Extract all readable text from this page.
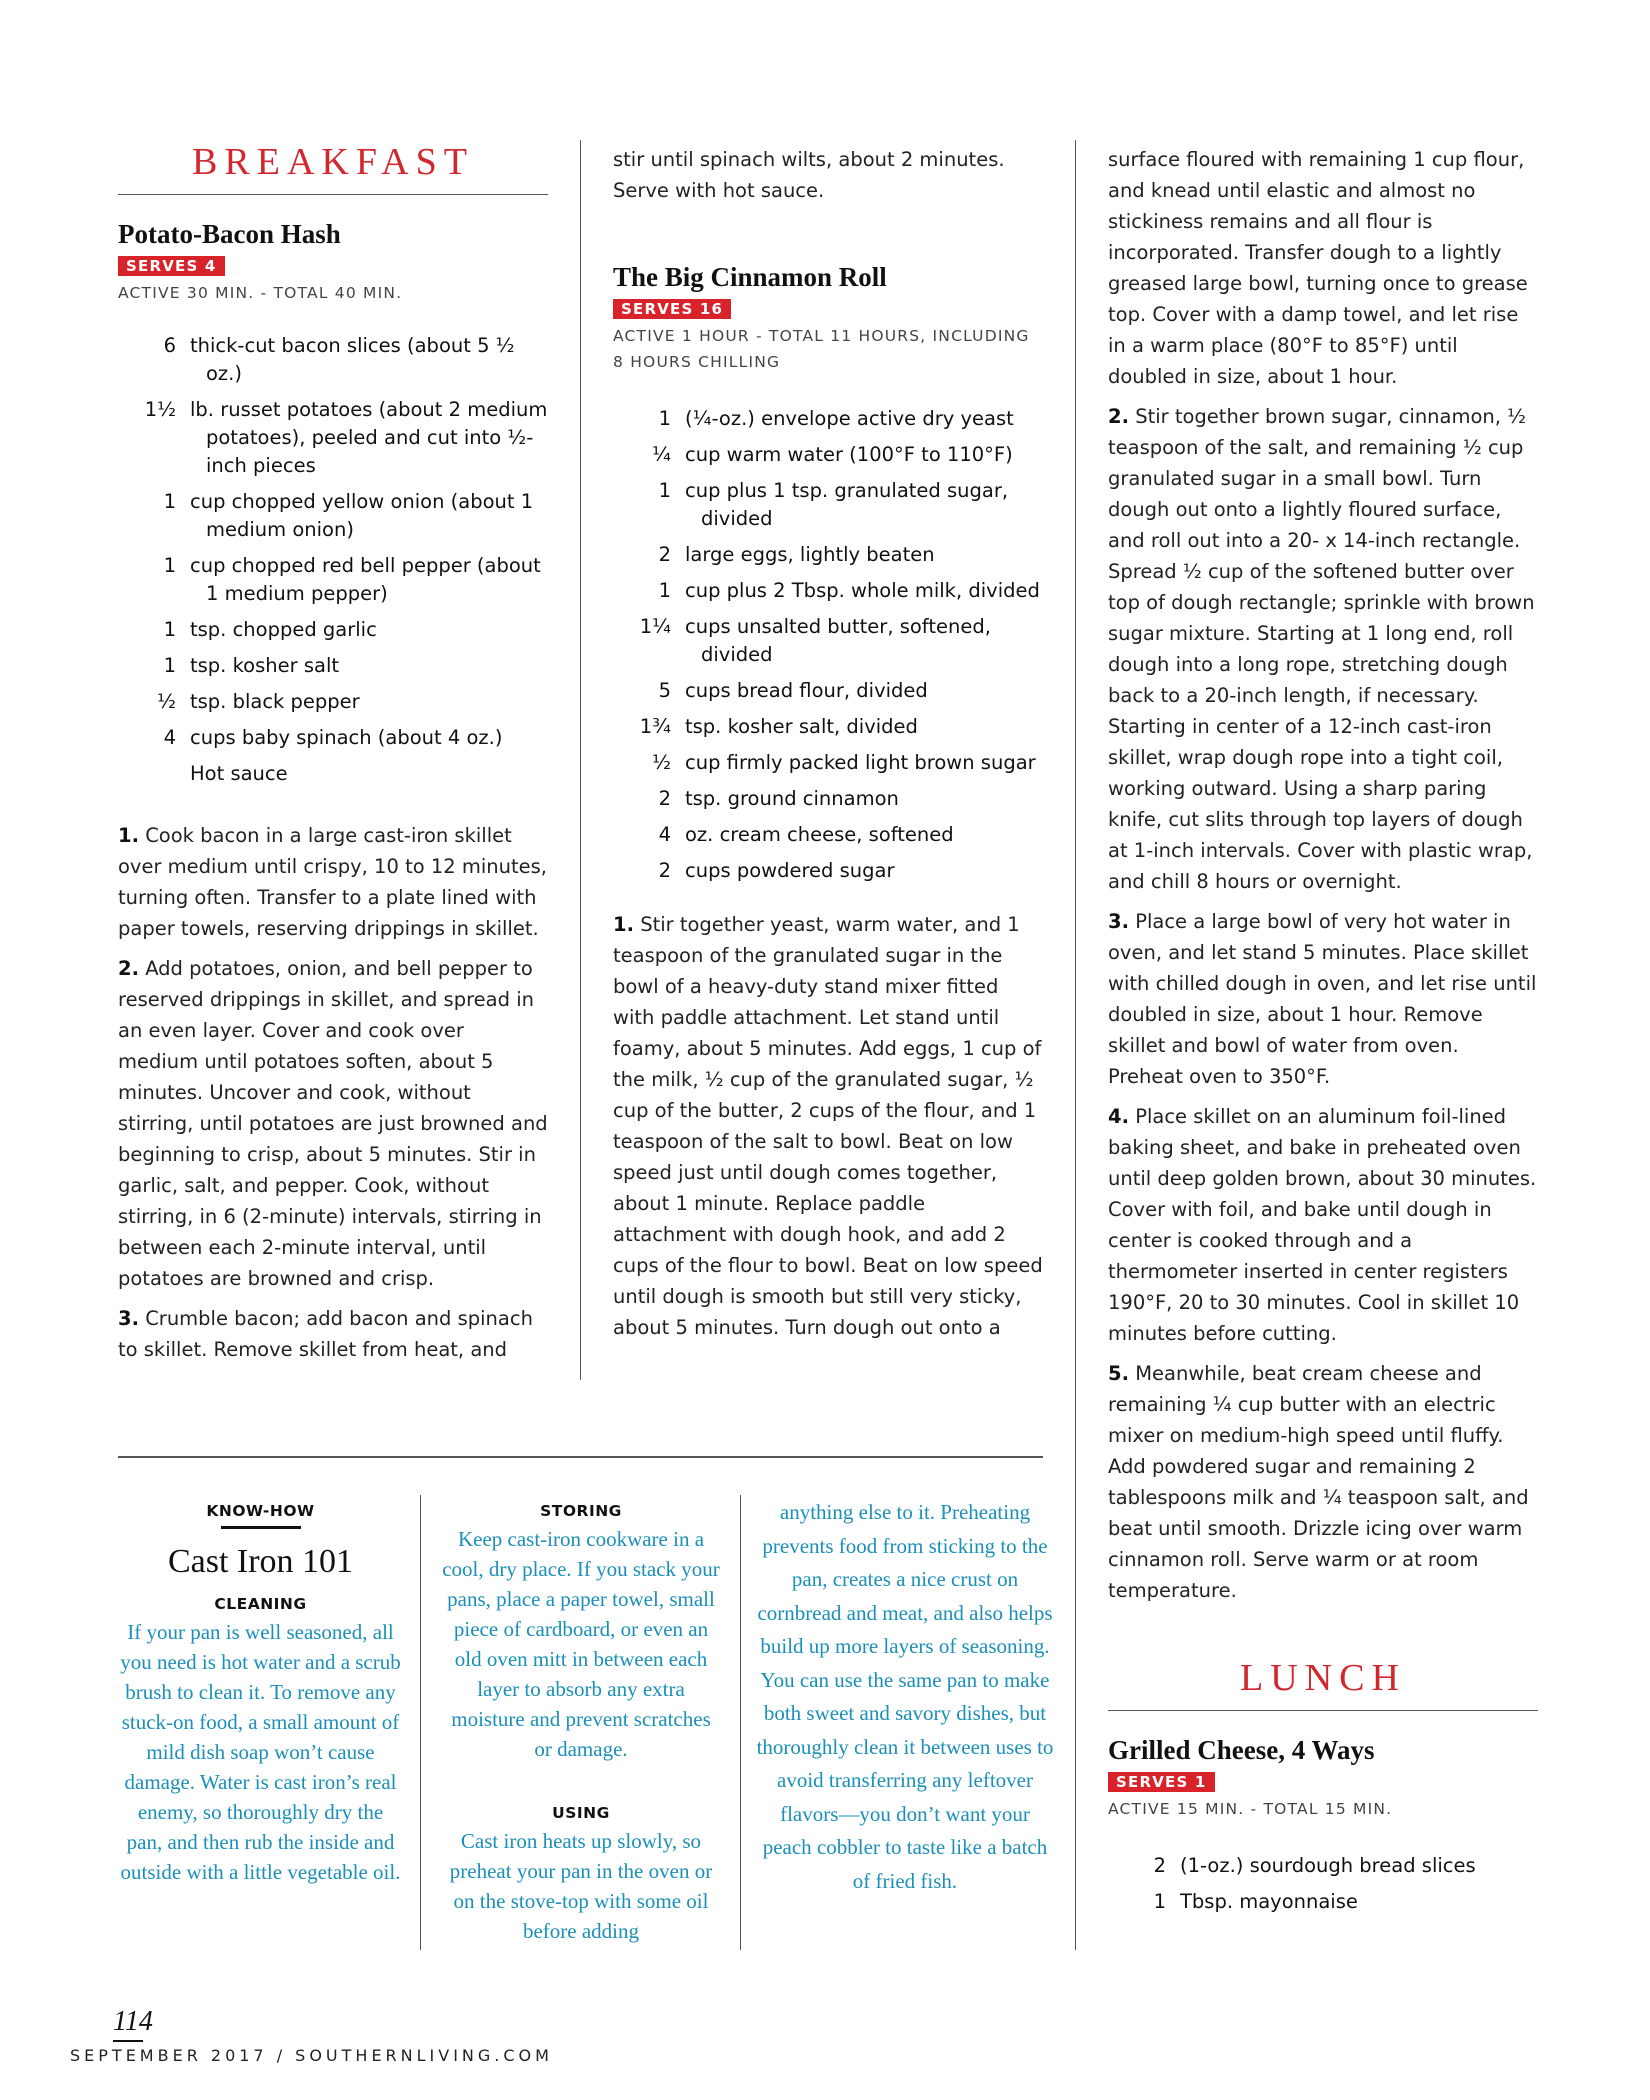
BREAKFAST
Potato-Bacon Hash
SERVES 4
ACTIVE 30 MIN. - TOTAL 40 MIN.
6 thick-cut bacon slices (about 5 ½ oz.)
1½ lb. russet potatoes (about 2 medium potatoes), peeled and cut into ½-inch pieces
1 cup chopped yellow onion (about 1 medium onion)
1 cup chopped red bell pepper (about 1 medium pepper)
1 tsp. chopped garlic
1 tsp. kosher salt
½ tsp. black pepper
4 cups baby spinach (about 4 oz.)
Hot sauce

1. Cook bacon in a large cast-iron skillet over medium until crispy, 10 to 12 minutes, turning often. Transfer to a plate lined with paper towels, reserving drippings in skillet.

2. Add potatoes, onion, and bell pepper to reserved drippings in skillet, and spread in an even layer. Cover and cook over medium until potatoes soften, about 5 minutes. Uncover and cook, without stirring, until potatoes are just browned and beginning to crisp, about 5 minutes. Stir in garlic, salt, and pepper. Cook, without stirring, in 6 (2-minute) intervals, stirring in between each 2-minute interval, until potatoes are browned and crisp.

3. Crumble bacon; add bacon and spinach to skillet. Remove skillet from heat, and

stir until spinach wilts, about 2 minutes. Serve with hot sauce.

The Big Cinnamon Roll
SERVES 16
ACTIVE 1 HOUR - TOTAL 11 HOURS, INCLUDING 8 HOURS CHILLING
1 (¼-oz.) envelope active dry yeast
¼ cup warm water (100°F to 110°F)
1 cup plus 1 tsp. granulated sugar, divided
2 large eggs, lightly beaten
1 cup plus 2 Tbsp. whole milk, divided
1¼ cups unsalted butter, softened, divided
5 cups bread flour, divided
1¾ tsp. kosher salt, divided
½ cup firmly packed light brown sugar
2 tsp. ground cinnamon
4 oz. cream cheese, softened
2 cups powdered sugar

1. Stir together yeast, warm water, and 1 teaspoon of the granulated sugar in the bowl of a heavy-duty stand mixer fitted with paddle attachment. Let stand until foamy, about 5 minutes. Add eggs, 1 cup of the milk, ½ cup of the granulated sugar, ½ cup of the butter, 2 cups of the flour, and 1 teaspoon of the salt to bowl. Beat on low speed just until dough comes together, about 1 minute. Replace paddle attachment with dough hook, and add 2 cups of the flour to bowl. Beat on low speed until dough is smooth but still very sticky, about 5 minutes. Turn dough out onto a

surface floured with remaining 1 cup flour, and knead until elastic and almost no stickiness remains and all flour is incorporated. Transfer dough to a lightly greased large bowl, turning once to grease top. Cover with a damp towel, and let rise in a warm place (80°F to 85°F) until doubled in size, about 1 hour.

2. Stir together brown sugar, cinnamon, ½ teaspoon of the salt, and remaining ½ cup granulated sugar in a small bowl. Turn dough out onto a lightly floured surface, and roll out into a 20- x 14-inch rectangle. Spread ½ cup of the softened butter over top of dough rectangle; sprinkle with brown sugar mixture. Starting at 1 long end, roll dough into a long rope, stretching dough back to a 20-inch length, if necessary. Starting in center of a 12-inch cast-iron skillet, wrap dough rope into a tight coil, working outward. Using a sharp paring knife, cut slits through top layers of dough at 1-inch intervals. Cover with plastic wrap, and chill 8 hours or overnight.

3. Place a large bowl of very hot water in oven, and let stand 5 minutes. Place skillet with chilled dough in oven, and let rise until doubled in size, about 1 hour. Remove skillet and bowl of water from oven. Preheat oven to 350°F.

4. Place skillet on an aluminum foil-lined baking sheet, and bake in preheated oven until deep golden brown, about 30 minutes. Cover with foil, and bake until dough in center is cooked through and a thermometer inserted in center registers 190°F, 20 to 30 minutes. Cool in skillet 10 minutes before cutting.

5. Meanwhile, beat cream cheese and remaining ¼ cup butter with an electric mixer on medium-high speed until fluffy. Add powdered sugar and remaining 2 tablespoons milk and ¼ teaspoon salt, and beat until smooth. Drizzle icing over warm cinnamon roll. Serve warm or at room temperature.

LUNCH
Grilled Cheese, 4 Ways
SERVES 1
ACTIVE 15 MIN. - TOTAL 15 MIN.
2 (1-oz.) sourdough bread slices
1 Tbsp. mayonnaise
KNOW-HOW
Cast Iron 101
CLEANING
If your pan is well seasoned, all you need is hot water and a scrub brush to clean it. To remove any stuck-on food, a small amount of mild dish soap won’t cause damage. Water is cast iron’s real enemy, so thoroughly dry the pan, and then rub the inside and outside with a little vegetable oil.
STORING
Keep cast-iron cookware in a cool, dry place. If you stack your pans, place a paper towel, small piece of cardboard, or even an old oven mitt in between each layer to absorb any extra moisture and prevent scratches or damage.
USING
Cast iron heats up slowly, so preheat your pan in the oven or on the stove-top with some oil before adding
anything else to it. Preheating prevents food from sticking to the pan, creates a nice crust on cornbread and meat, and also helps build up more layers of seasoning. You can use the same pan to make both sweet and savory dishes, but thoroughly clean it between uses to avoid transferring any leftover flavors—you don’t want your peach cobbler to taste like a batch of fried fish.
114
SEPTEMBER 2017 / SOUTHERNLIVING.COM
